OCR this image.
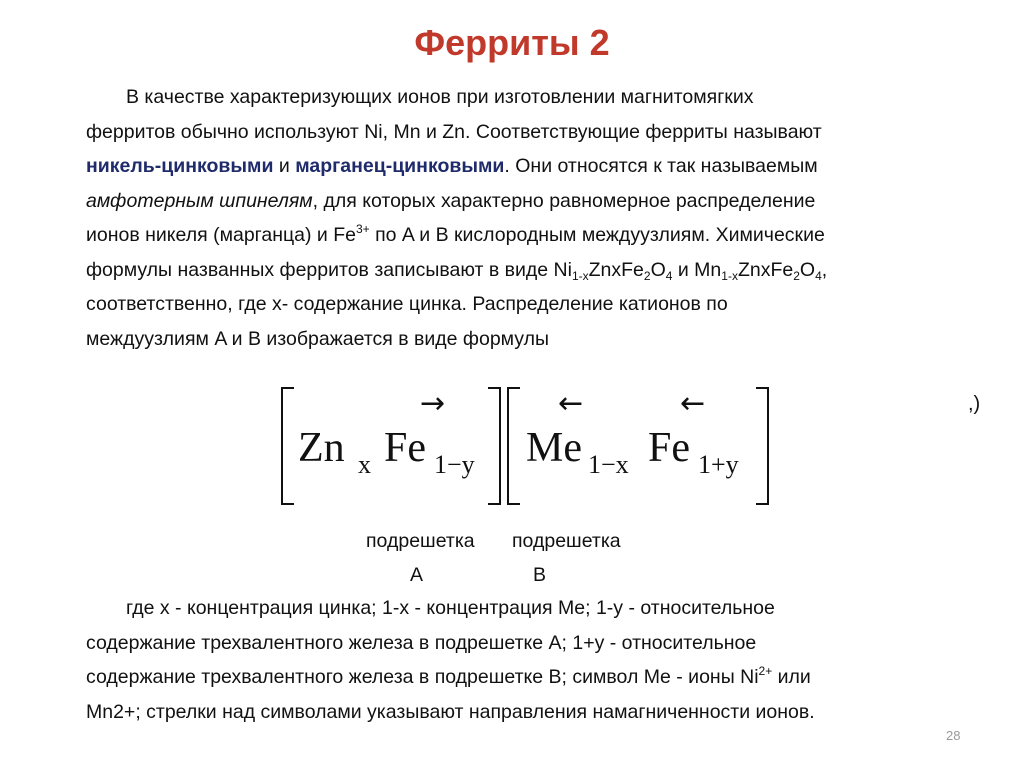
Ферриты 2
В качестве характеризующих ионов при изготовлении магнитомягких
ферритов обычно используют Ni, Mn и Zn. Соответствующие ферриты называют
никель-цинковыми и марганец-цинковыми. Они относятся к так называемым
амфотерным шпинелям, для которых характерно равномерное распределение
ионов никеля (марганца) и $Fe^{3+}$ по A и B кислородным междуузлиям. Химические
формулы названных ферритов записывают в виде $Ni_{1-x}ZnxFe_2O_4$ и $Mn_{1-x}ZnxFe_2O_4$,
соответственно, где x- содержание цинка. Распределение катионов по
междуузлиям A и B изображается в виде формулы
→	←	←
Zn x Fe 1−y Me 1−x Fe 1+y
,)
подрешетка подрешетка
A	B
где x - концентрация цинка; 1-x - концентрация Me; 1-y - относительное
содержание трехвалентного железа в подрешетке A; 1+y - относительное
содержание трехвалентного железа в подрешетке B; символ Me - ионы $Ni^{2+}$ или
Mn2+; стрелки над символами указывают направления намагниченности ионов.
28
